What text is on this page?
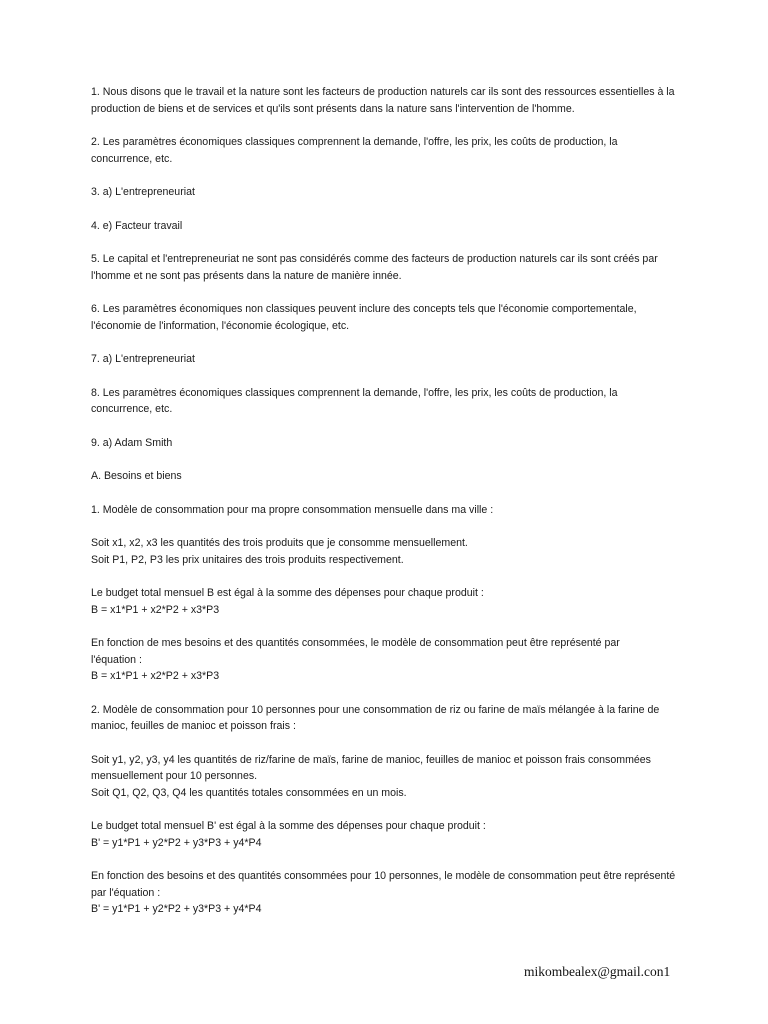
1. Nous disons que le travail et la nature sont les facteurs de production naturels car ils sont des ressources essentielles à la
production de biens et de services et qu'ils sont présents dans la nature sans l'intervention de l'homme.

2. Les paramètres économiques classiques comprennent la demande, l'offre, les prix, les coûts de production, la
concurrence, etc.

3. a) L'entrepreneuriat

4. e) Facteur travail

5. Le capital et l'entrepreneuriat ne sont pas considérés comme des facteurs de production naturels car ils sont créés par
l'homme et ne sont pas présents dans la nature de manière innée.

6. Les paramètres économiques non classiques peuvent inclure des concepts tels que l'économie comportementale,
l'économie de l'information, l'économie écologique, etc.

7. a) L'entrepreneuriat

8. Les paramètres économiques classiques comprennent la demande, l'offre, les prix, les coûts de production, la
concurrence, etc.

9. a) Adam Smith

A. Besoins et biens

1. Modèle de consommation pour ma propre consommation mensuelle dans ma ville :

Soit x1, x2, x3 les quantités des trois produits que je consomme mensuellement.
Soit P1, P2, P3 les prix unitaires des trois produits respectivement.

Le budget total mensuel B est égal à la somme des dépenses pour chaque produit :
B = x1*P1 + x2*P2 + x3*P3

En fonction de mes besoins et des quantités consommées, le modèle de consommation peut être représenté par
l'équation :
B = x1*P1 + x2*P2 + x3*P3

2. Modèle de consommation pour 10 personnes pour une consommation de riz ou farine de maïs mélangée à la farine de
manioc, feuilles de manioc et poisson frais :

Soit y1, y2, y3, y4 les quantités de riz/farine de maïs, farine de manioc, feuilles de manioc et poisson frais consommées
mensuellement pour 10 personnes.
Soit Q1, Q2, Q3, Q4 les quantités totales consommées en un mois.

Le budget total mensuel B' est égal à la somme des dépenses pour chaque produit :
B' = y1*P1 + y2*P2 + y3*P3 + y4*P4

En fonction des besoins et des quantités consommées pour 10 personnes, le modèle de consommation peut être représenté
par l'équation :
B' = y1*P1 + y2*P2 + y3*P3 + y4*P4

mikombealex@gmail.con1
